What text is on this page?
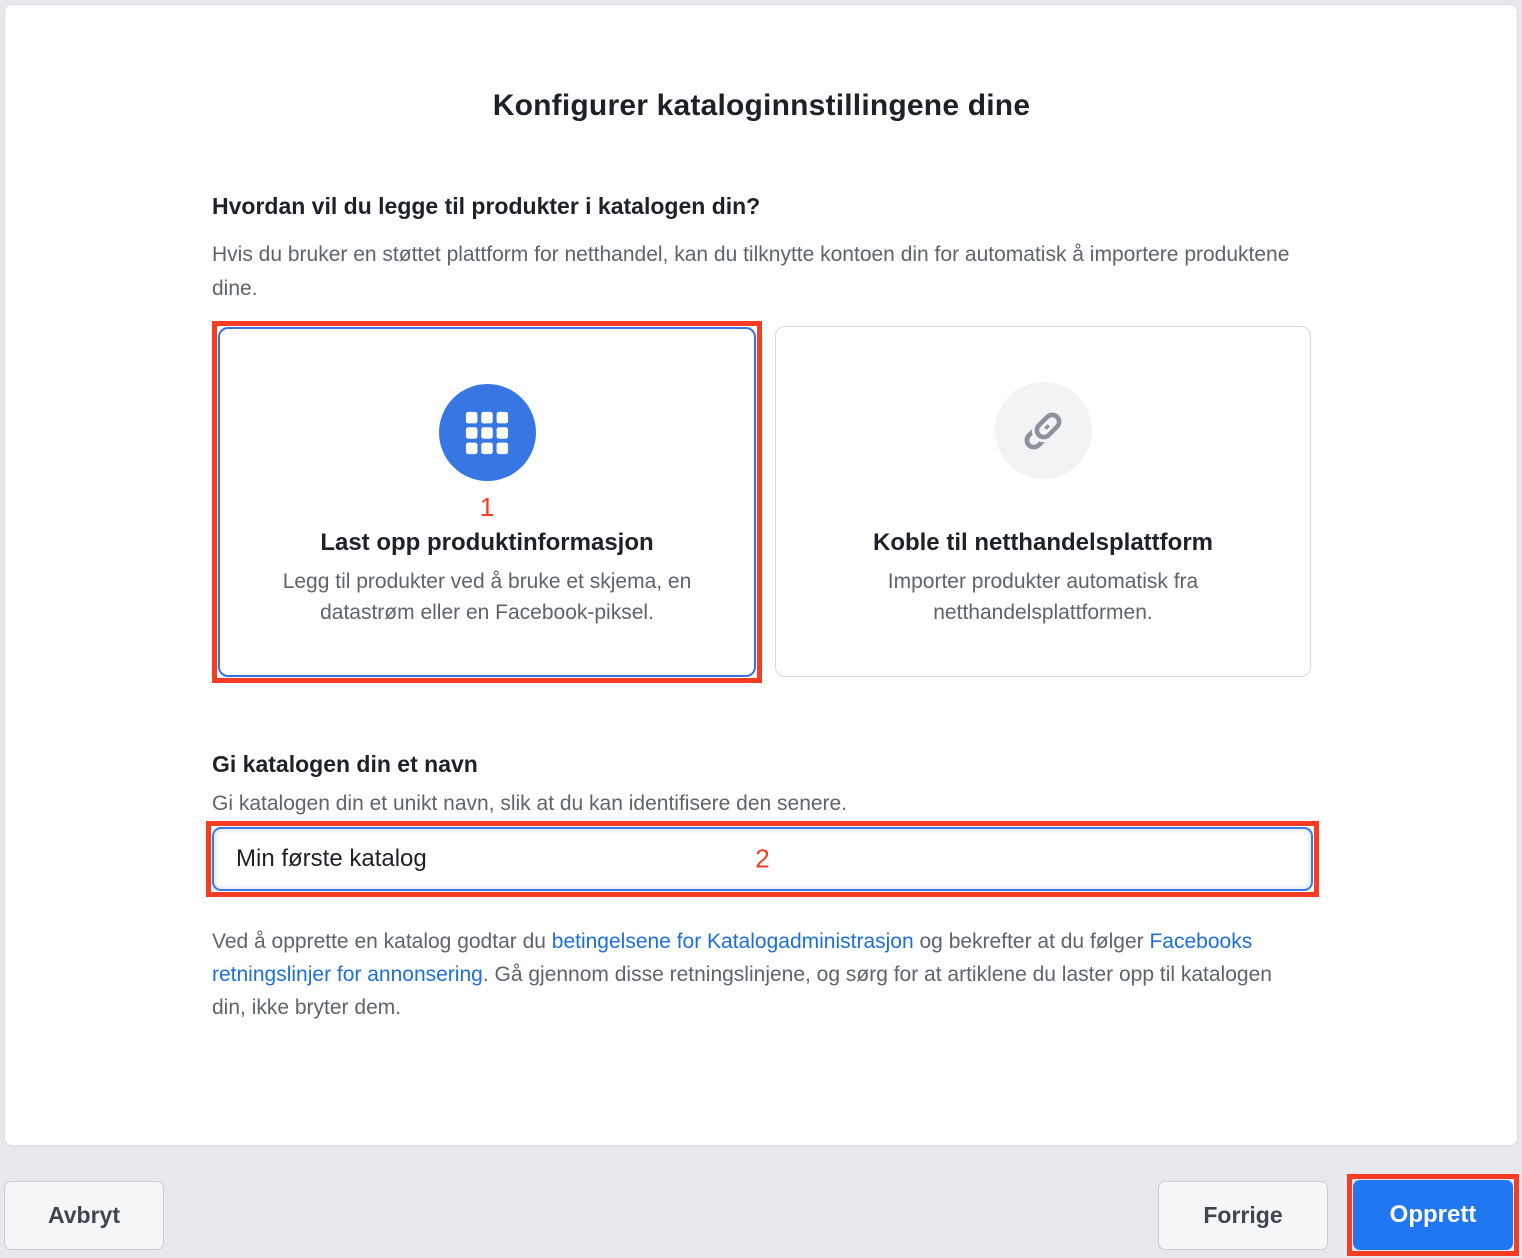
Konfigurer kataloginnstillingene dine
Hvordan vil du legge til produkter i katalogen din?

Hvis du bruker en støttet plattform for netthandel, kan du tilknytte kontoen din for automatisk å importere produktene dine.

1
Last opp produktinformasjon
Legg til produkter ved å bruke et skjema, en datastrøm eller en Facebook-piksel.
Koble til netthandelsplattform
Importer produkter automatisk fra netthandelsplattformen.
Gi katalogen din et navn

Gi katalogen din et unikt navn, slik at du kan identifisere den senere.

Min første katalog
2

Ved å opprette en katalog godtar du betingelsene for Katalogadministrasjon og bekrefter at du følger Facebooks retningslinjer for annonsering. Gå gjennom disse retningslinjene, og sørg for at artiklene du laster opp til katalogen din, ikke bryter dem.

Avbryt	Forrige	Opprett
